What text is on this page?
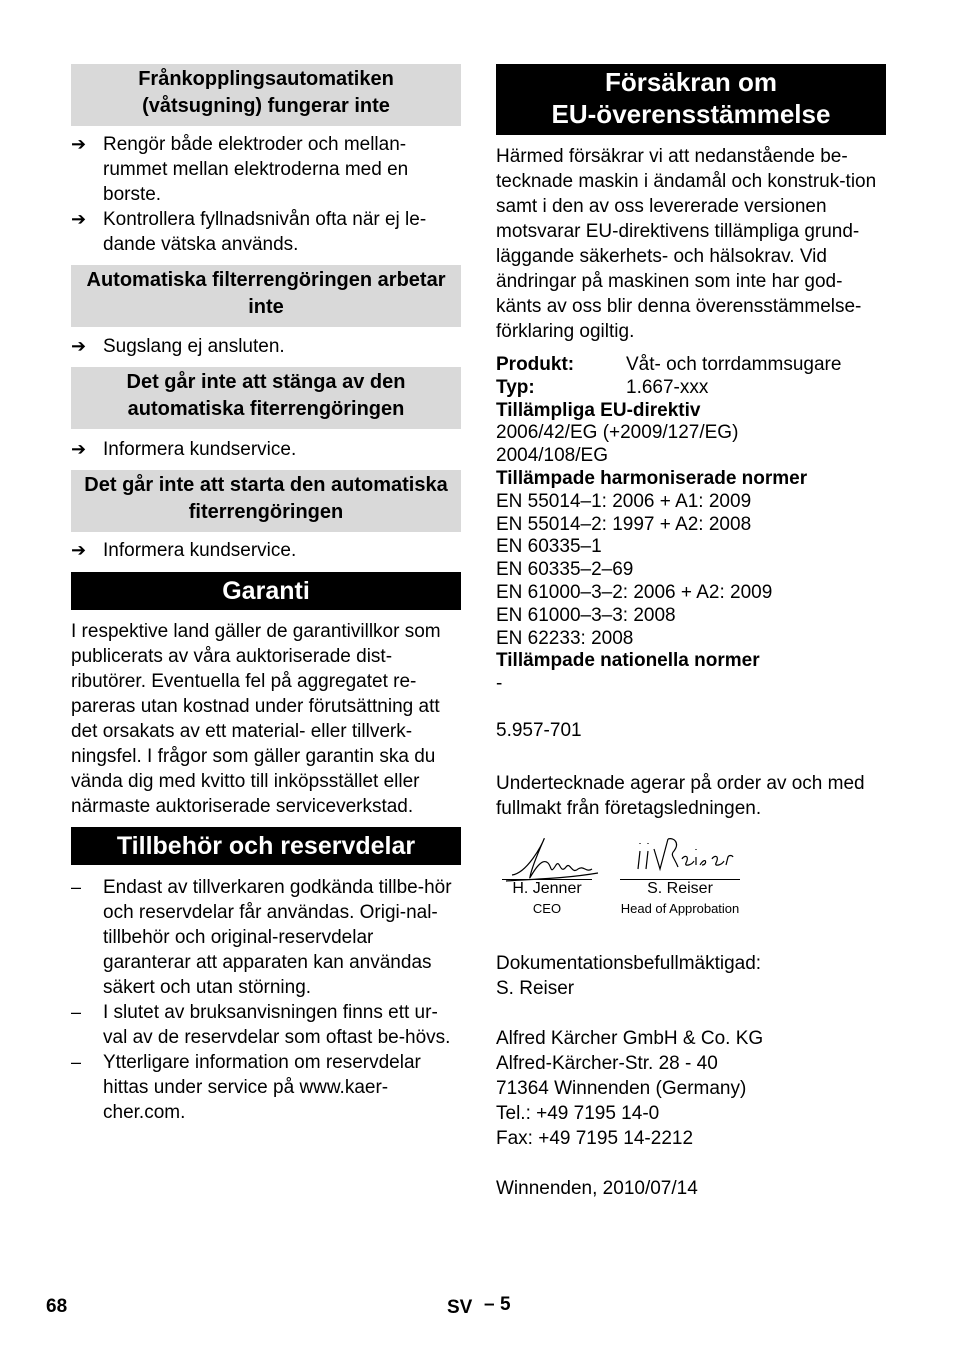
Frånkopplingsautomatiken (våtsugning) fungerar inte
➔ Rengör både elektroder och mellan-rummet mellan elektroderna med en borste.
➔ Kontrollera fyllnadsnivån ofta när ej le-dande vätska används.
Automatiska filterrengöringen arbetar inte
➔ Sugslang ej ansluten.
Det går inte att stänga av den automatiska fiterrengöringen
➔ Informera kundservice.
Det går inte att starta den automatiska fiterrengöringen
➔ Informera kundservice.
Garanti
I respektive land gäller de garantivillkor som publicerats av våra auktoriserade dist-ributörer. Eventuella fel på aggregatet re-pareras utan kostnad under förutsättning att det orsakats av ett material- eller tillverk-ningsfel. I frågor som gäller garantin ska du vända dig med kvitto till inköpsstället eller närmaste auktoriserade serviceverkstad.
Tillbehör och reservdelar
–	Endast av tillverkaren godkända tillbe-hör och reservdelar får användas. Origi-nal-tillbehör och original-reservdelar garanterar att apparaten kan användas säkert och utan störning.
–	I slutet av bruksanvisningen finns ett ur-val av de reservdelar som oftast be-hövs.
–	Ytterligare information om reservdelar hittas under service på www.kaer-cher.com.
Försäkran om
EU-överensstämmelse
Härmed försäkrar vi att nedanstående be-tecknade maskin i ändamål och konstruk-tion samt i den av oss levererade versionen motsvarar EU-direktivens tillämpliga grund-läggande säkerhets- och hälsokrav. Vid ändringar på maskinen som inte har god-känts av oss blir denna överensstämmelse-förklaring ogiltig.
Produkt:	Våt- och torrdammsugare
Typ:	1.667-xxx
Tillämpliga EU-direktiv
2006/42/EG (+2009/127/EG)
2004/108/EG
Tillämpade harmoniserade normer
EN 55014–1: 2006 + A1: 2009
EN 55014–2: 1997 + A2: 2008
EN 60335–1
EN 60335–2–69
EN 61000–3–2: 2006 + A2: 2009
EN 61000–3–3: 2008
EN 62233: 2008
Tillämpade nationella normer
-
5.957-701
Undertecknade agerar på order av och med fullmakt från företagsledningen.
H. Jenner
CEO
S. Reiser
Head of Approbation
Dokumentationsbefullmäktigad:
S. Reiser
Alfred Kärcher GmbH & Co. KG
Alfred-Kärcher-Str. 28 - 40
71364 Winnenden (Germany)
Tel.: +49 7195 14-0
Fax: +49 7195 14-2212
Winnenden, 2010/07/14
68	SV – 5
